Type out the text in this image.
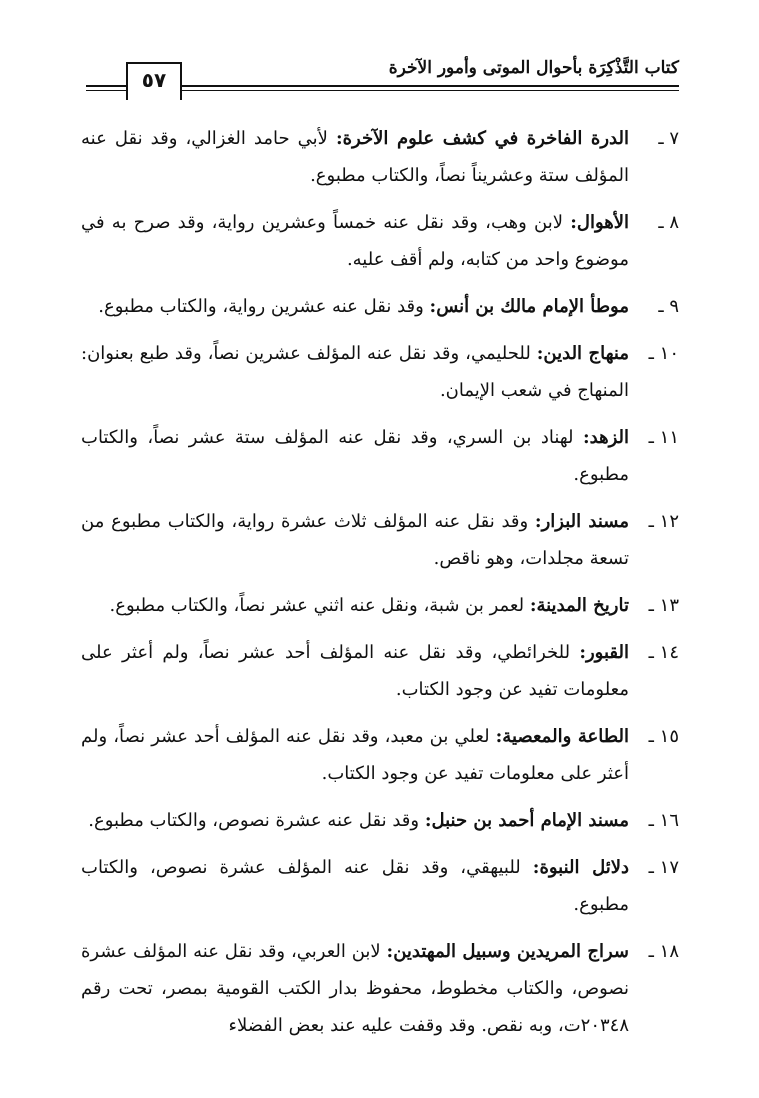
كتاب التَّذْكِرَة بأحوال الموتى وأمور الآخرة
٥٧
٧ ـ
الدرة الفاخرة في كشف علوم الآخرة: لأبي حامد الغزالي، وقد نقل عنه المؤلف ستة وعشريناً نصاً، والكتاب مطبوع.
٨ ـ
الأهوال: لابن وهب، وقد نقل عنه خمساً وعشرين رواية، وقد صرح به في موضوع واحد من كتابه، ولم أقف عليه.
٩ ـ
موطأ الإمام مالك بن أنس: وقد نقل عنه عشرين رواية، والكتاب مطبوع.
١٠ ـ
منهاج الدين: للحليمي، وقد نقل عنه المؤلف عشرين نصاً، وقد طبع بعنوان: المنهاج في شعب الإيمان.
١١ ـ
الزهد: لهناد بن السري، وقد نقل عنه المؤلف ستة عشر نصاً، والكتاب مطبوع.
١٢ ـ
مسند البزار: وقد نقل عنه المؤلف ثلاث عشرة رواية، والكتاب مطبوع من تسعة مجلدات، وهو ناقص.
١٣ ـ
تاريخ المدينة: لعمر بن شبة، ونقل عنه اثني عشر نصاً، والكتاب مطبوع.
١٤ ـ
القبور: للخرائطي، وقد نقل عنه المؤلف أحد عشر نصاً، ولم أعثر على معلومات تفيد عن وجود الكتاب.
١٥ ـ
الطاعة والمعصية: لعلي بن معبد، وقد نقل عنه المؤلف أحد عشر نصاً، ولم أعثر على معلومات تفيد عن وجود الكتاب.
١٦ ـ
مسند الإمام أحمد بن حنبل: وقد نقل عنه عشرة نصوص، والكتاب مطبوع.
١٧ ـ
دلائل النبوة: للبيهقي، وقد نقل عنه المؤلف عشرة نصوص، والكتاب مطبوع.
١٨ ـ
سراج المريدين وسبيل المهتدين: لابن العربي، وقد نقل عنه المؤلف عشرة نصوص، والكتاب مخطوط، محفوظ بدار الكتب القومية بمصر، تحت رقم ٢٠٣٤٨ت، وبه نقص. وقد وقفت عليه عند بعض الفضلاء
